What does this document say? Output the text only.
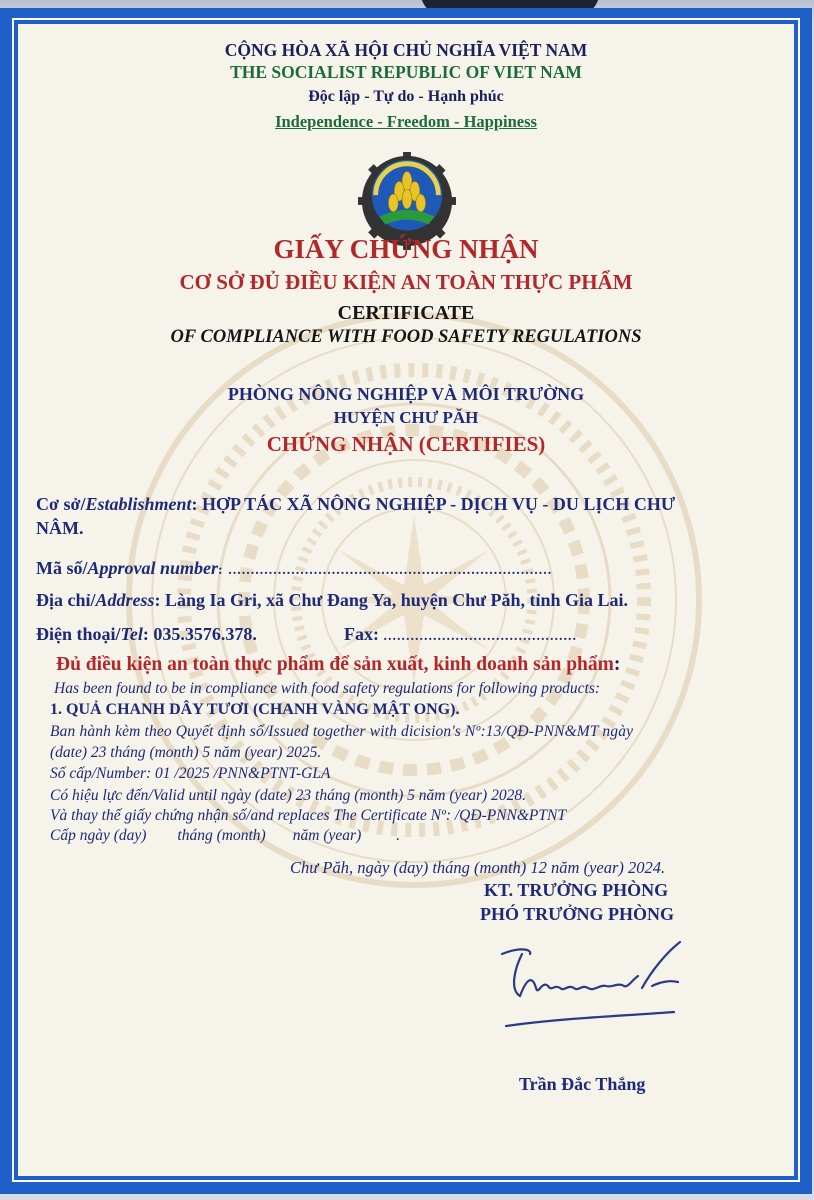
CỘNG HÒA XÃ HỘI CHỦ NGHĨA VIỆT NAM
THE SOCIALIST REPUBLIC OF VIET NAM
Độc lập - Tự do - Hạnh phúc
Independence - Freedom - Happiness
GIẤY CHỨNG NHẬN
CƠ SỞ ĐỦ ĐIỀU KIỆN AN TOÀN THỰC PHẨM
CERTIFICATE
OF COMPLIANCE WITH FOOD SAFETY REGULATIONS
PHÒNG NÔNG NGHIỆP VÀ MÔI TRƯỜNG
HUYỆN CHƯ PĂH
CHỨNG NHẬN (CERTIFIES)
Cơ sở/Establishment: HỢP TÁC XÃ NÔNG NGHIỆP - DỊCH VỤ - DU LỊCH CHƯ
NÂM.
Mã số/Approval number: ........................................................................
Địa chỉ/Address: Làng Ia Gri, xã Chư Đang Ya, huyện Chư Păh, tỉnh Gia Lai.
Điện thoại/Tel: 035.3576.378.	Fax: ...........................................
Đủ điều kiện an toàn thực phẩm để sản xuất, kinh doanh sản phẩm:
Has been found to be in compliance with food safety regulations for following products:
1. QUẢ CHANH DÂY TƯƠI (CHANH VÀNG MẬT ONG).
Ban hành kèm theo Quyết định số/Issued together with dicision's Nº:13/QĐ-PNN&MT ngày
(date) 23 tháng (month) 5 năm (year) 2025.
Số cấp/Number: 01 /2025 /PNN&PTNT-GLA
Có hiệu lực đến/Valid until ngày (date) 23 tháng (month) 5 năm (year) 2028.
Và thay thế giấy chứng nhận số/and replaces The Certificate Nº: /QĐ-PNN&PTNT
Cấp ngày (day)        tháng (month)       năm (year)         .
Chư Păh, ngày (day) tháng (month) 12 năm (year) 2024.
KT. TRƯỞNG PHÒNG
PHÓ TRƯỞNG PHÒNG
Trần Đắc Thắng
